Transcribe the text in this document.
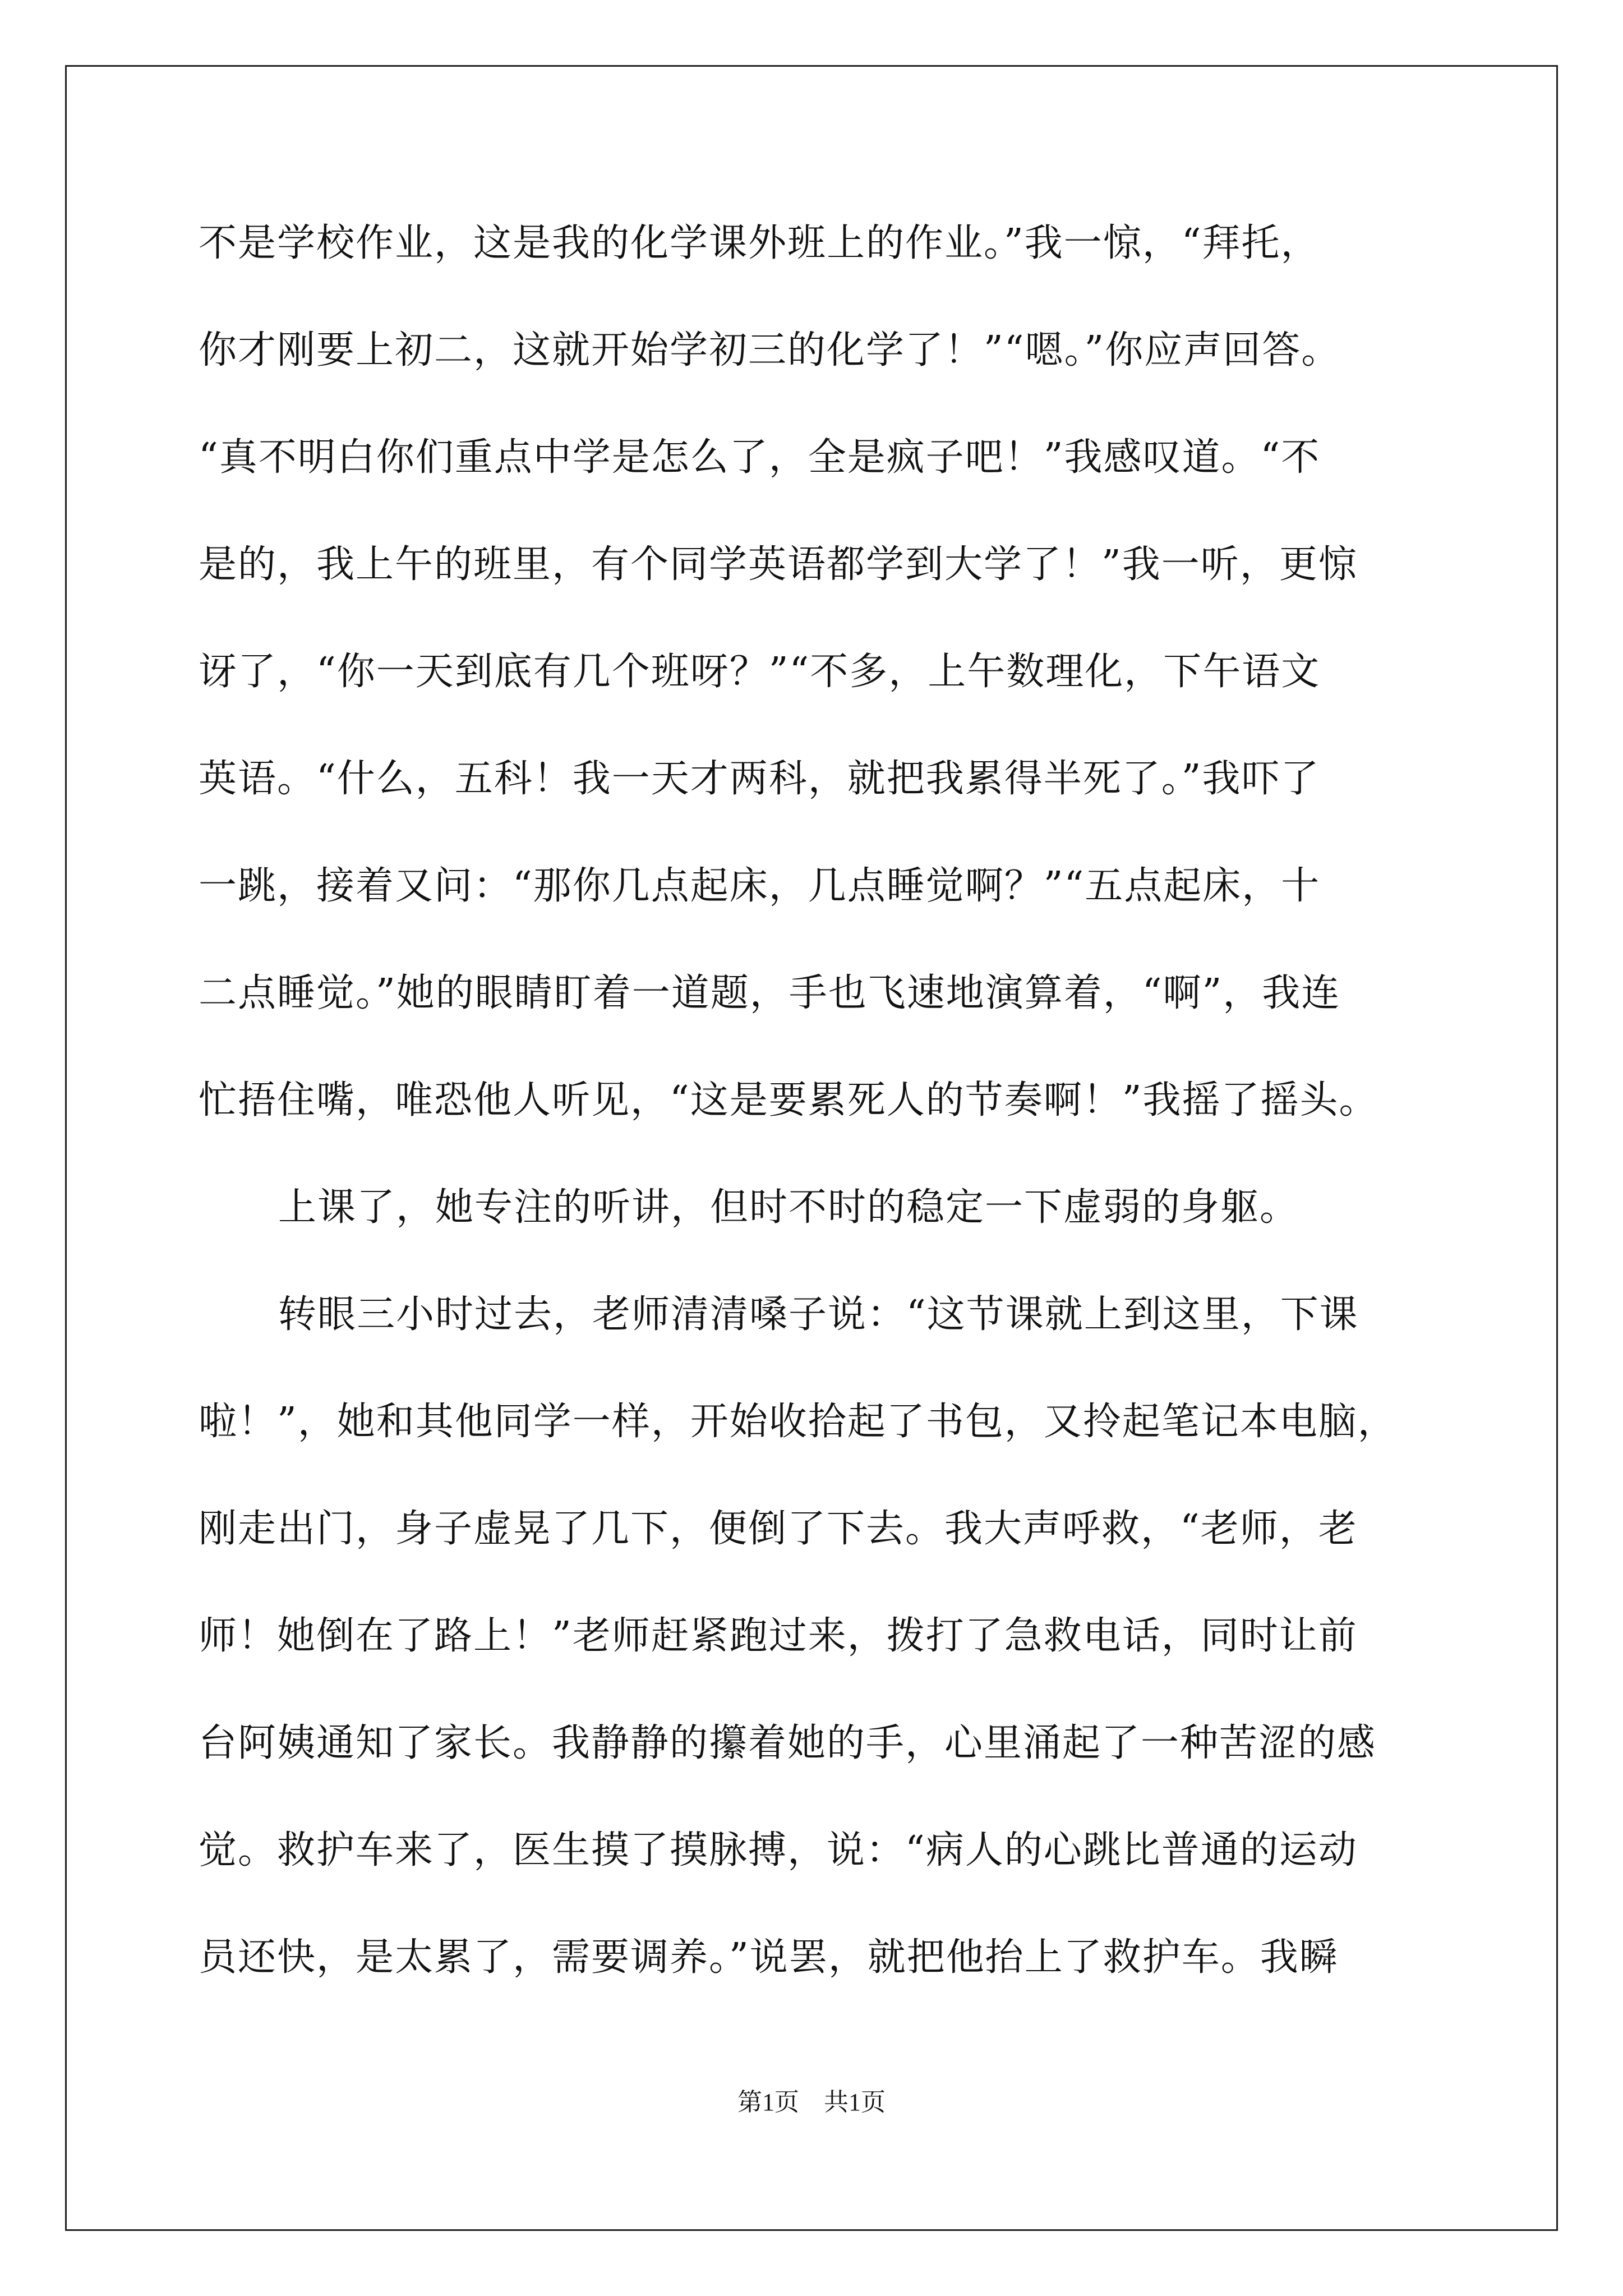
不是学校作业，这是我的化学课外班上的作业。”我一惊，“拜托，
你才刚要上初二，这就开始学初三的化学了！”“嗯。”你应声回答。
“真不明白你们重点中学是怎么了，全是疯子吧！”我感叹道。“不
是的，我上午的班里，有个同学英语都学到大学了！”我一听，更惊
讶了，“你一天到底有几个班呀？”“不多，上午数理化，下午语文
英语。“什么，五科！我一天才两科，就把我累得半死了。”我吓了
一跳，接着又问：“那你几点起床，几点睡觉啊？”“五点起床，十
二点睡觉。”她的眼睛盯着一道题，手也飞速地演算着，“啊”，我连
忙捂住嘴，唯恐他人听见，“这是要累死人的节奏啊！”我摇了摇头。
上课了，她专注的听讲，但时不时的稳定一下虚弱的身躯。
转眼三小时过去，老师清清嗓子说：“这节课就上到这里，下课
啦！”，她和其他同学一样，开始收拾起了书包，又拎起笔记本电脑，
刚走出门，身子虚晃了几下，便倒了下去。我大声呼救，“老师，老
师！她倒在了路上！”老师赶紧跑过来，拨打了急救电话，同时让前
台阿姨通知了家长。我静静的攥着她的手，心里涌起了一种苦涩的感
觉。救护车来了，医生摸了摸脉搏，说：“病人的心跳比普通的运动
员还快，是太累了，需要调养。”说罢，就把他抬上了救护车。我瞬
第1页　共1页
